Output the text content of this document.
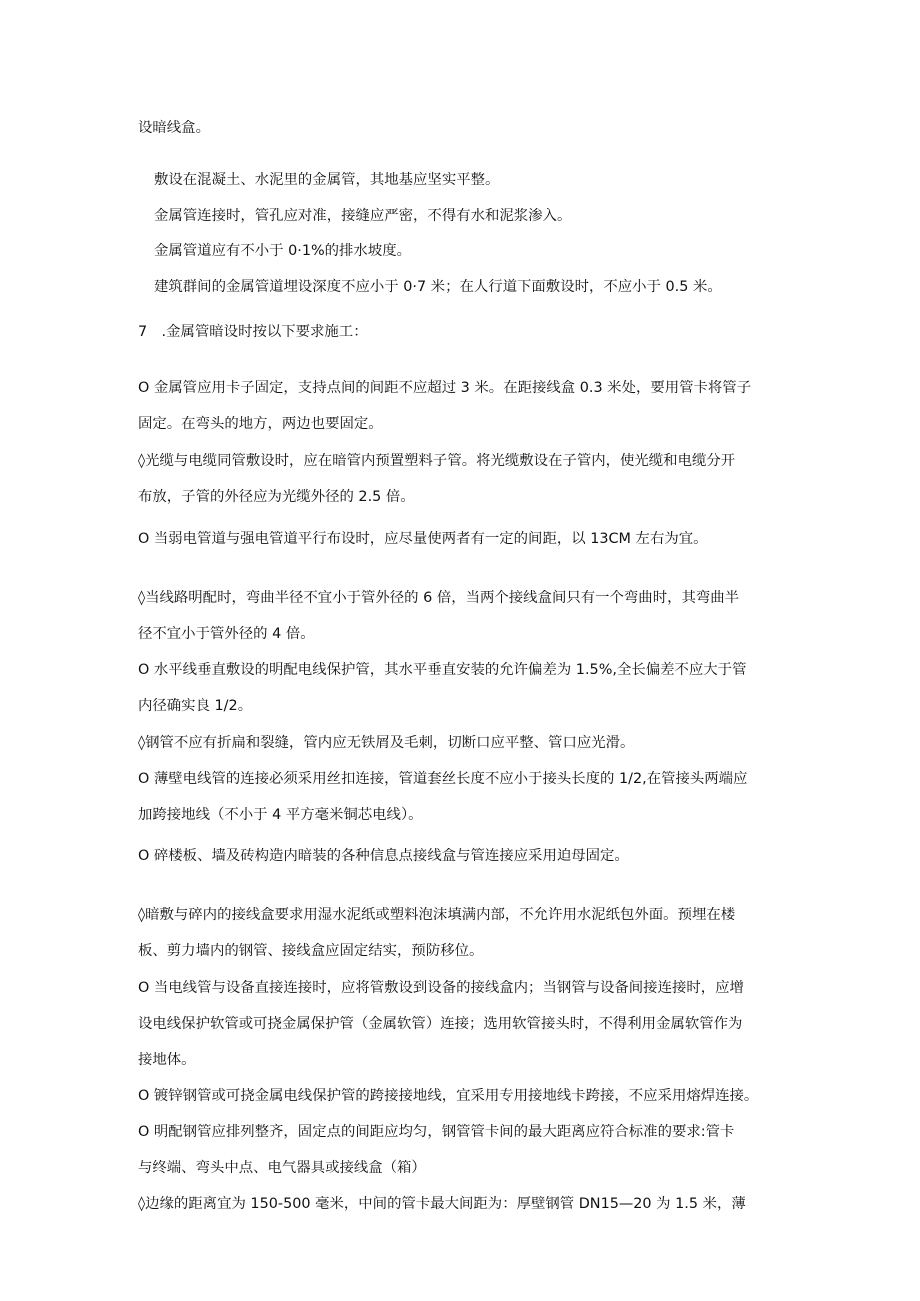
设暗线盒。
敷设在混凝土、水泥里的金属管，其地基应坚实平整。
金属管连接时，管孔应对准，接缝应严密，不得有水和泥浆渗入。
金属管道应有不小于 0·1%的排水坡度。
建筑群间的金属管道埋设深度不应小于 0·7 米；在人行道下面敷设时，不应小于 0.5 米。
7　.金属管暗设时按以下要求施工：
O 金属管应用卡子固定，支持点间的间距不应超过 3 米。在距接线盒 0.3 米处，要用管卡将管子
固定。在弯头的地方，两边也要固定。
◊光缆与电缆同管敷设时，应在暗管内预置塑料子管。将光缆敷设在子管内，使光缆和电缆分开
布放，子管的外径应为光缆外径的 2.5 倍。
O 当弱电管道与强电管道平行布设时，应尽量使两者有一定的间距，以 13CM 左右为宜。
◊当线路明配时，弯曲半径不宜小于管外径的 6 倍，当两个接线盒间只有一个弯曲时，其弯曲半
径不宜小于管外径的 4 倍。
O 水平线垂直敷设的明配电线保护管，其水平垂直安装的允许偏差为 1.5%,全长偏差不应大于管
内径确实良 1/2。
◊钢管不应有折扁和裂缝，管内应无铁屑及毛刺，切断口应平整、管口应光滑。
O 薄壁电线管的连接必须采用丝扣连接，管道套丝长度不应小于接头长度的 1/2,在管接头两端应
加跨接地线（不小于 4 平方毫米铜芯电线）。
O 碎楼板、墙及砖构造内暗装的各种信息点接线盒与管连接应采用迫母固定。
◊暗敷与碎内的接线盒要求用湿水泥纸或塑料泡沫填满内部，不允许用水泥纸包外面。预埋在楼
板、剪力墙内的钢管、接线盒应固定结实，预防移位。
O 当电线管与设备直接连接时，应将管敷设到设备的接线盒内；当钢管与设备间接连接时，应增
设电线保护软管或可挠金属保护管（金属软管）连接；选用软管接头时，不得利用金属软管作为
接地体。
O 镀锌钢管或可挠金属电线保护管的跨接接地线，宜采用专用接地线卡跨接，不应采用熔焊连接。
O 明配钢管应排列整齐，固定点的间距应均匀，钢管管卡间的最大距离应符合标准的要求:管卡
与终端、弯头中点、电气器具或接线盒（箱）
◊边缘的距离宜为 150-500 毫米，中间的管卡最大间距为：厚壁钢管 DN15—20 为 1.5 米，薄
